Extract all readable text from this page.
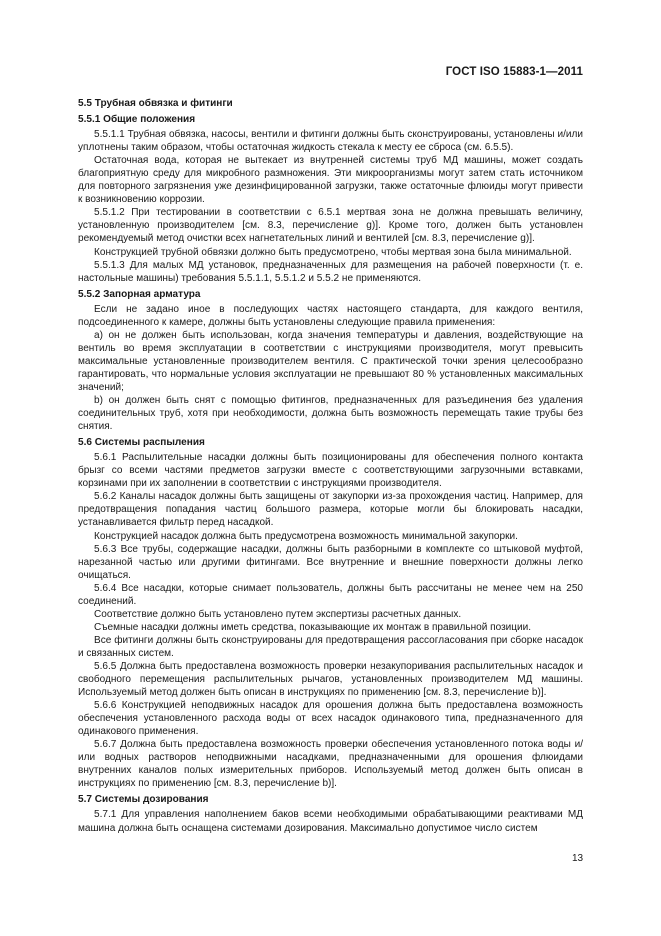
ГОСТ ISO 15883-1—2011

5.5 Трубная обвязка и фитинги

5.5.1 Общие положения

5.5.1.1 Трубная обвязка, насосы, вентили и фитинги должны быть сконструированы, установлены и/или уплотнены таким образом, чтобы остаточная жидкость стекала к месту ее сброса (см. 6.5.5).

Остаточная вода, которая не вытекает из внутренней системы труб МД машины, может создать благоприятную среду для микробного размножения. Эти микроорганизмы могут затем стать источником для повторного загрязнения уже дезинфицированной загрузки, также остаточные флюиды могут привести к возникновению коррозии.

5.5.1.2 При тестировании в соответствии с 6.5.1 мертвая зона не должна превышать величину, установленную производителем [см. 8.3, перечисление g)]. Кроме того, должен быть установлен рекомендуемый метод очистки всех нагнетательных линий и вентилей [см. 8.3, перечисление g)].

Конструкцией трубной обвязки должно быть предусмотрено, чтобы мертвая зона была минимальной.

5.5.1.3 Для малых МД установок, предназначенных для размещения на рабочей поверхности (т. е. настольные машины) требования 5.5.1.1, 5.5.1.2 и 5.5.2 не применяются.

5.5.2 Запорная арматура

Если не задано иное в последующих частях настоящего стандарта, для каждого вентиля, подсоединенного к камере, должны быть установлены следующие правила применения:

a) он не должен быть использован, когда значения температуры и давления, воздействующие на вентиль во время эксплуатации в соответствии с инструкциями производителя, могут превысить максимальные установленные производителем вентиля. С практической точки зрения целесообразно гарантировать, что нормальные условия эксплуатации не превышают 80 % установленных максимальных значений;

b) он должен быть снят с помощью фитингов, предназначенных для разъединения без удаления соединительных труб, хотя при необходимости, должна быть возможность перемещать такие трубы без снятия.

5.6 Системы распыления

5.6.1 Распылительные насадки должны быть позиционированы для обеспечения полного контакта брызг со всеми частями предметов загрузки вместе с соответствующими загрузочными вставками, корзинами при их заполнении в соответствии с инструкциями производителя.

5.6.2 Каналы насадок должны быть защищены от закупорки из-за прохождения частиц. Например, для предотвращения попадания частиц большого размера, которые могли бы блокировать насадки, устанавливается фильтр перед насадкой.

Конструкцией насадок должна быть предусмотрена возможность минимальной закупорки.

5.6.3 Все трубы, содержащие насадки, должны быть разборными в комплекте со штыковой муфтой, нарезанной частью или другими фитингами. Все внутренние и внешние поверхности должны легко очищаться.

5.6.4 Все насадки, которые снимает пользователь, должны быть рассчитаны не менее чем на 250 соединений.

Соответствие должно быть установлено путем экспертизы расчетных данных.

Съемные насадки должны иметь средства, показывающие их монтаж в правильной позиции.

Все фитинги должны быть сконструированы для предотвращения рассогласования при сборке насадок и связанных систем.

5.6.5 Должна быть предоставлена возможность проверки незакупоривания распылительных насадок и свободного перемещения распылительных рычагов, установленных производителем МД машины. Используемый метод должен быть описан в инструкциях по применению [см. 8.3, перечисление b)].

5.6.6 Конструкцией неподвижных насадок для орошения должна быть предоставлена возможность обеспечения установленного расхода воды от всех насадок одинакового типа, предназначенного для одинакового применения.

5.6.7 Должна быть предоставлена возможность проверки обеспечения установленного потока воды и/или водных растворов неподвижными насадками, предназначенными для орошения флюидами внутренних каналов полых измерительных приборов. Используемый метод должен быть описан в инструкциях по применению [см. 8.3, перечисление b)].

5.7 Системы дозирования

5.7.1 Для управления наполнением баков всеми необходимыми обрабатывающими реактивами МД машина должна быть оснащена системами дозирования. Максимально допустимое число систем

13
